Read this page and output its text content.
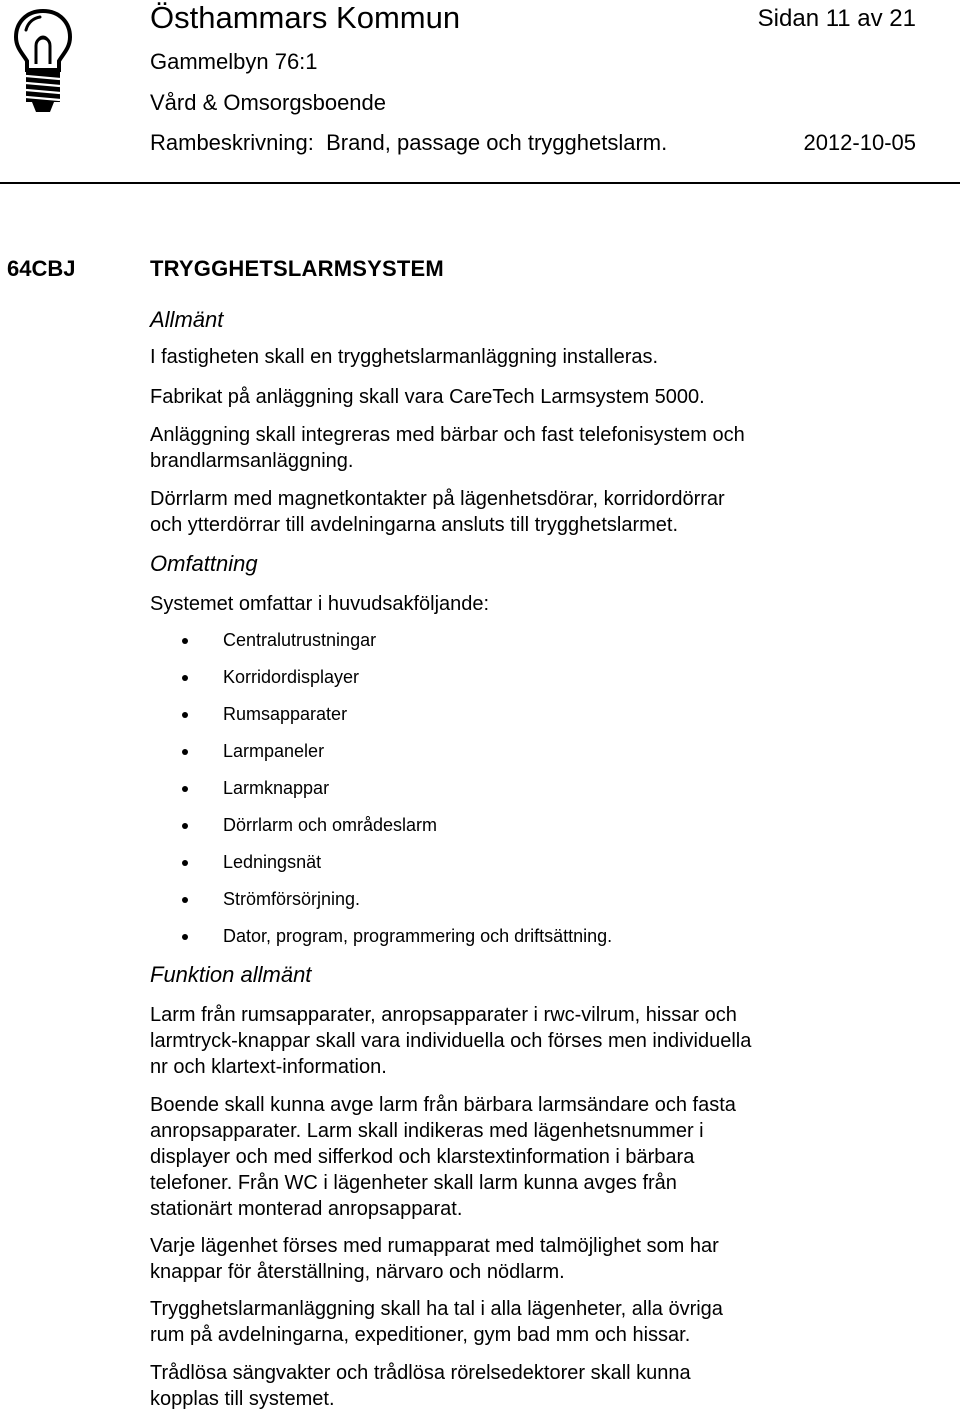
Östhammars Kommun	Sidan 11 av 21
Gammelbyn 76:1
Vård & Omsorgsboende
Rambeskrivning:  Brand, passage och trygghetslarm.	2012-10-05
64CBJ	TRYGGHETSLARMSYSTEM
Allmänt

I fastigheten skall en trygghetslarmanläggning installeras.

Fabrikat på anläggning skall vara CareTech Larmsystem 5000.

Anläggning skall integreras med bärbar och fast telefonisystem och
brandlarmsanläggning.

Dörrlarm med magnetkontakter på lägenhetsdörar, korridordörrar
och ytterdörrar till avdelningarna ansluts till trygghetslarmet.

Omfattning

Systemet omfattar i huvudsakföljande:

Centralutrustningar
Korridordisplayer
Rumsapparater
Larmpaneler
Larmknappar
Dörrlarm och områdeslarm
Ledningsnät
Strömförsörjning.
Dator, program, programmering och driftsättning.
Funktion allmänt

Larm från rumsapparater, anropsapparater i rwc-vilrum, hissar och
larmtryck-knappar skall vara individuella och förses men individuella
nr och klartext-information.

Boende skall kunna avge larm från bärbara larmsändare och fasta
anropsapparater. Larm skall indikeras med lägenhetsnummer i
displayer och med sifferkod och klarstextinformation i bärbara
telefoner. Från WC i lägenheter skall larm kunna avges från
stationärt monterad anropsapparat.

Varje lägenhet förses med rumapparat med talmöjlighet som har
knappar för återställning, närvaro och nödlarm.

Trygghetslarmanläggning skall ha tal i alla lägenheter, alla övriga
rum på avdelningarna, expeditioner, gym bad mm och hissar.

Trådlösa sängvakter och trådlösa rörelsedektorer skall kunna
kopplas till systemet.
